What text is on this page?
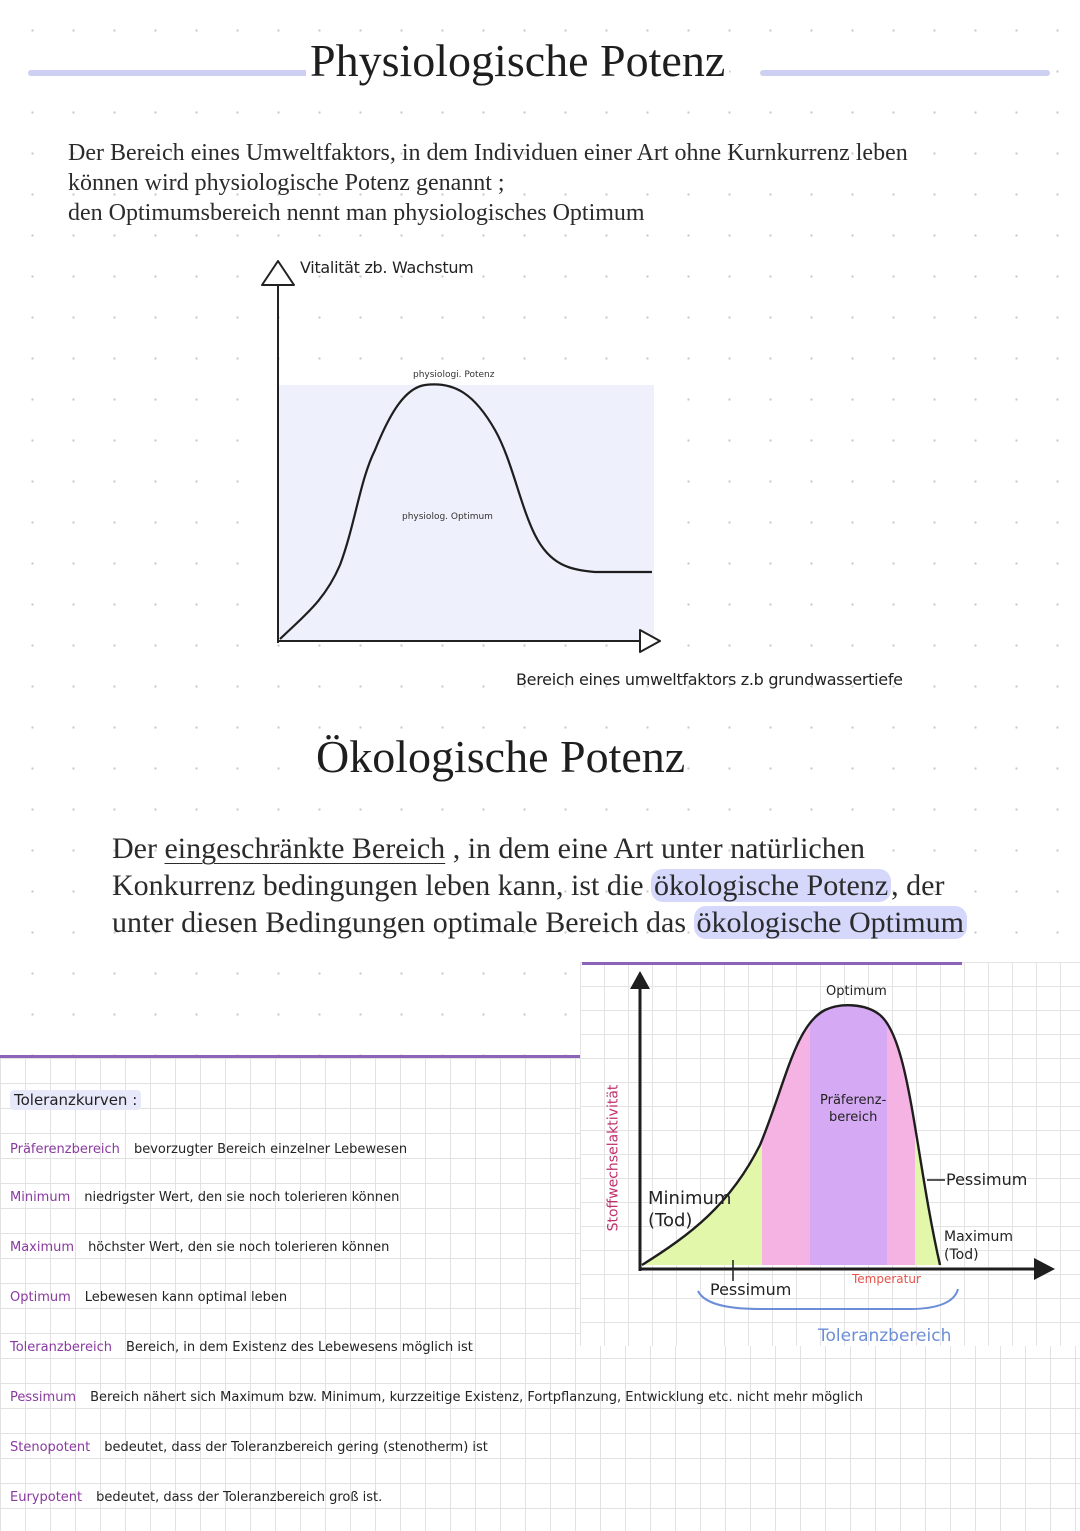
Physiologische Potenz
Der Bereich eines Umweltfaktors, in dem Individuen einer Art ohne Kurnkurrenz leben
können wird physiologische Potenz genannt ;
den Optimumsbereich nennt man physiologisches Optimum
Vitalität zb. Wachstum
physiologi. Potenz
physiolog. Optimum
Bereich eines umweltfaktors z.b grundwassertiefe
Ökologische Potenz
Der eingeschränkte Bereich , in dem eine Art unter natürlichen
Konkurrenz bedingungen leben kann, ist die ökologische Potenz , der
unter diesen Bedingungen optimale Bereich das ökologische Optimum
Stoffwechselaktivität
Optimum
Präferenz-
bereich
Minimum
(Tod)
Pessimum
Maximum
(Tod)
Temperatur
Pessimum
Toleranzbereich
Toleranzkurven :
Präferenzbereich bevorzugter Bereich einzelner Lebewesen
Minimum niedrigster Wert, den sie noch tolerieren können
Maximum höchster Wert, den sie noch tolerieren können
Optimum Lebewesen kann optimal leben
Toleranzbereich Bereich, in dem Existenz des Lebewesens möglich ist
Pessimum Bereich nähert sich Maximum bzw. Minimum, kurzzeitige Existenz, Fortpflanzung, Entwicklung etc. nicht mehr möglich
Stenopotent bedeutet, dass der Toleranzbereich gering (stenotherm) ist
Eurypotent bedeutet, dass der Toleranzbereich groß ist.
